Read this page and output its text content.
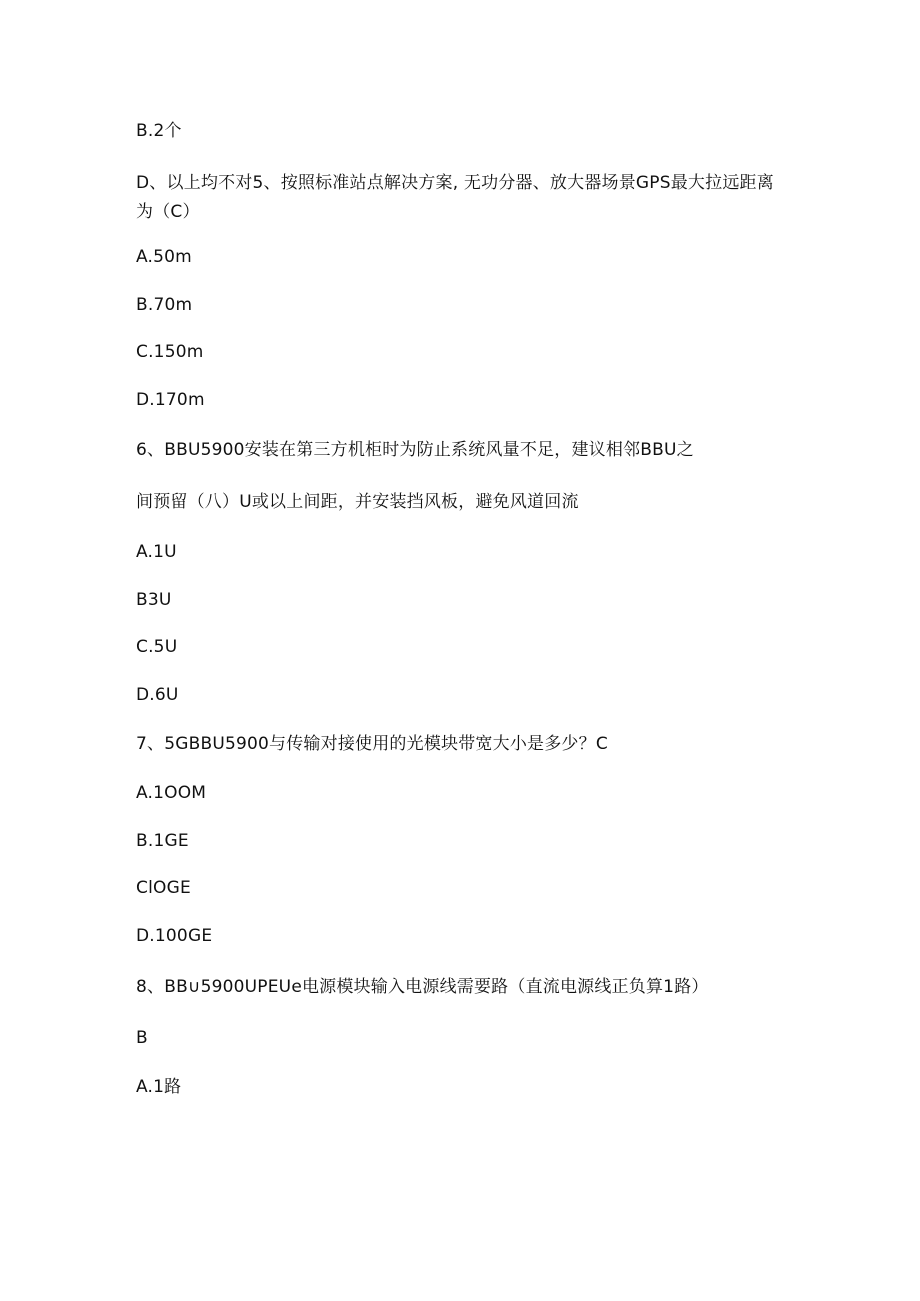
B.2个
D、以上均不对5、按照标准站点解决方案, 无功分器、放大器场景GPS最大拉远距离为（C）
A.50m
B.70m
C.150m
D.170m
6、BBU5900安装在第三方机柜时为防止系统风量不足，建议相邻BBU之
间预留（八）U或以上间距，并安装挡风板，避免风道回流
A.1U
B3U
C.5U
D.6U
7、5GBBU5900与传输对接使用的光模块带宽大小是多少？C
A.1OOM
B.1GE
ClOGE
D.100GE
8、BB∪5900UPEUe电源模块输入电源线需要路（直流电源线正负算1路）
B
A.1路
